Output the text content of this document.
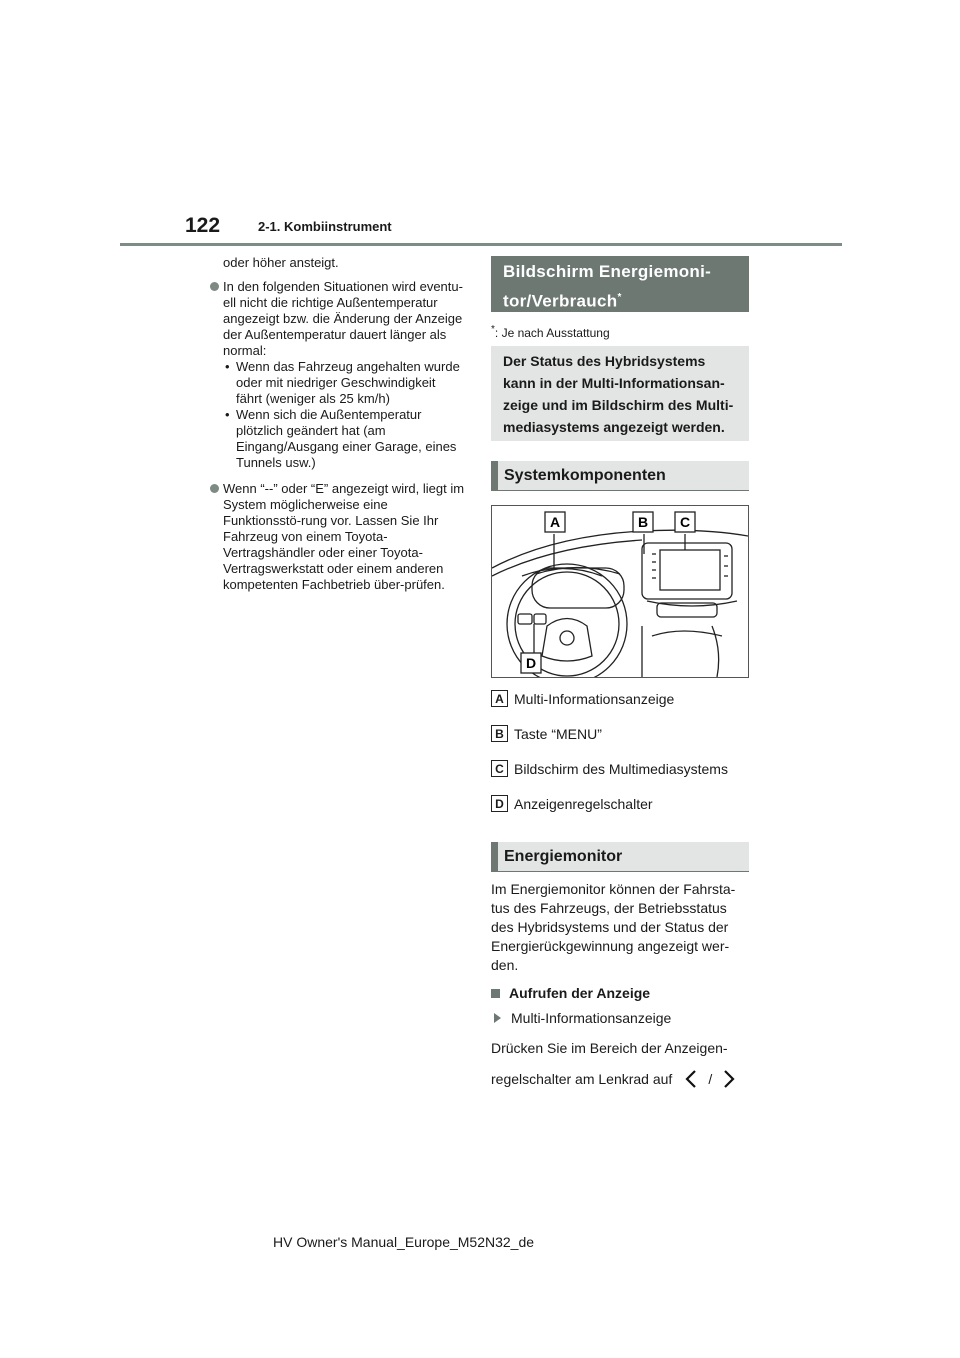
122	2-1. Kombiinstrument

oder höher ansteigt.

In den folgenden Situationen wird eventu-ell nicht die richtige Außentemperatur angezeigt bzw. die Änderung der Anzeige der Außentemperatur dauert länger als normal:
• Wenn das Fahrzeug angehalten wurde oder mit niedriger Geschwindigkeit fährt (weniger als 25 km/h)
• Wenn sich die Außentemperatur plötzlich geändert hat (am Eingang/Ausgang einer Garage, eines Tunnels usw.)
Wenn “--” oder “E” angezeigt wird, liegt im System möglicherweise eine Funktionsstö-rung vor. Lassen Sie Ihr Fahrzeug von einem Toyota-Vertragshändler oder einer Toyota-Vertragswerkstatt oder einem anderen kompetenten Fachbetrieb über-prüfen.
Bildschirm Energiemoni-
tor/Verbrauch*
*: Je nach Ausstattung
Der Status des Hybridsystems kann in der Multi-Informationsan-zeige und im Bildschirm des Multi-mediasystems angezeigt werden.
Systemkomponenten
A	B C
D
A Multi-Informationsanzeige
B Taste “MENU”
C Bildschirm des Multimediasystems
D Anzeigenregelschalter
Energiemonitor
Im Energiemonitor können der Fahrsta-tus des Fahrzeugs, der Betriebsstatus des Hybridsystems und der Status der Energierückgewinnung angezeigt wer-den.
Aufrufen der Anzeige
Multi-Informationsanzeige
Drücken Sie im Bereich der Anzeigen-
regelschalter am Lenkrad auf	/
HV Owner's Manual_Europe_M52N32_de
